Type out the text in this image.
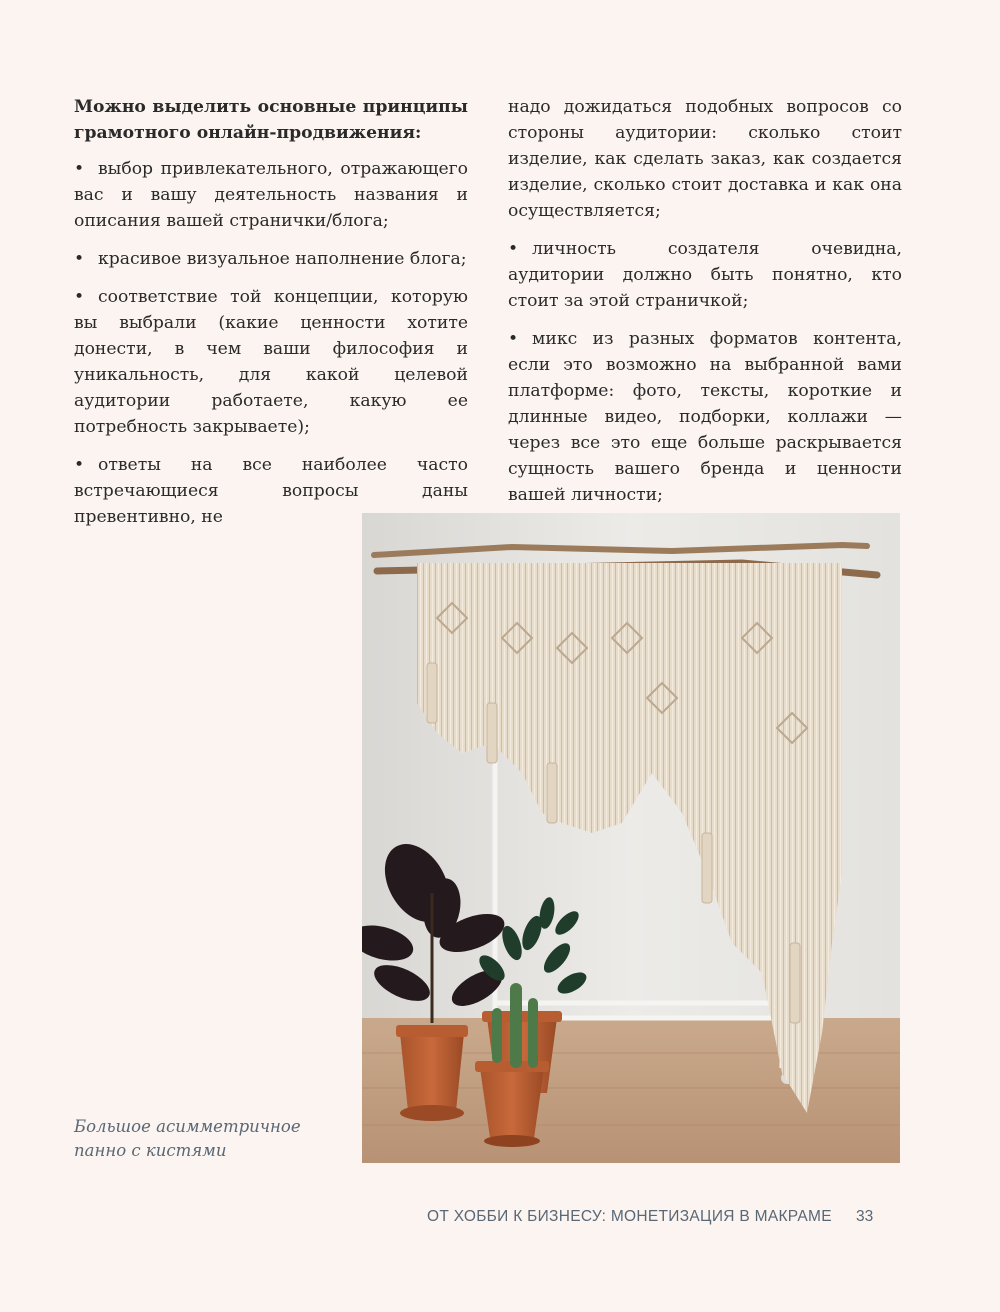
Можно выделить основные принципы грамотного онлайн-продвижения:

• выбор привлекательного, отражающего вас и вашу деятельность названия и описания вашей странички/блога;

• красивое визуальное наполнение блога;

• соответствие той концепции, которую вы выбрали (какие ценности хотите донести, в чем ваши философия и уникальность, для какой целевой аудитории работаете, какую ее потребность закрываете);

• ответы на все наиболее часто встречающиеся вопросы даны превентивно, не

надо дожидаться подобных вопросов со стороны аудитории: сколько стоит изделие, как сделать заказ, как создается изделие, сколько стоит доставка и как она осуществляется;

• личность создателя очевидна, аудитории должно быть понятно, кто стоит за этой страничкой;

• микс из разных форматов контента, если это возможно на выбранной вами платформе: фото, тексты, короткие и длинные видео, подборки, коллажи — через все это еще больше раскрывается сущность вашего бренда и ценности вашей личности;

Большое асимметричное панно с кистями
ОТ ХОББИ К БИЗНЕСУ: МОНЕТИЗАЦИЯ В МАКРАМЕ 33
